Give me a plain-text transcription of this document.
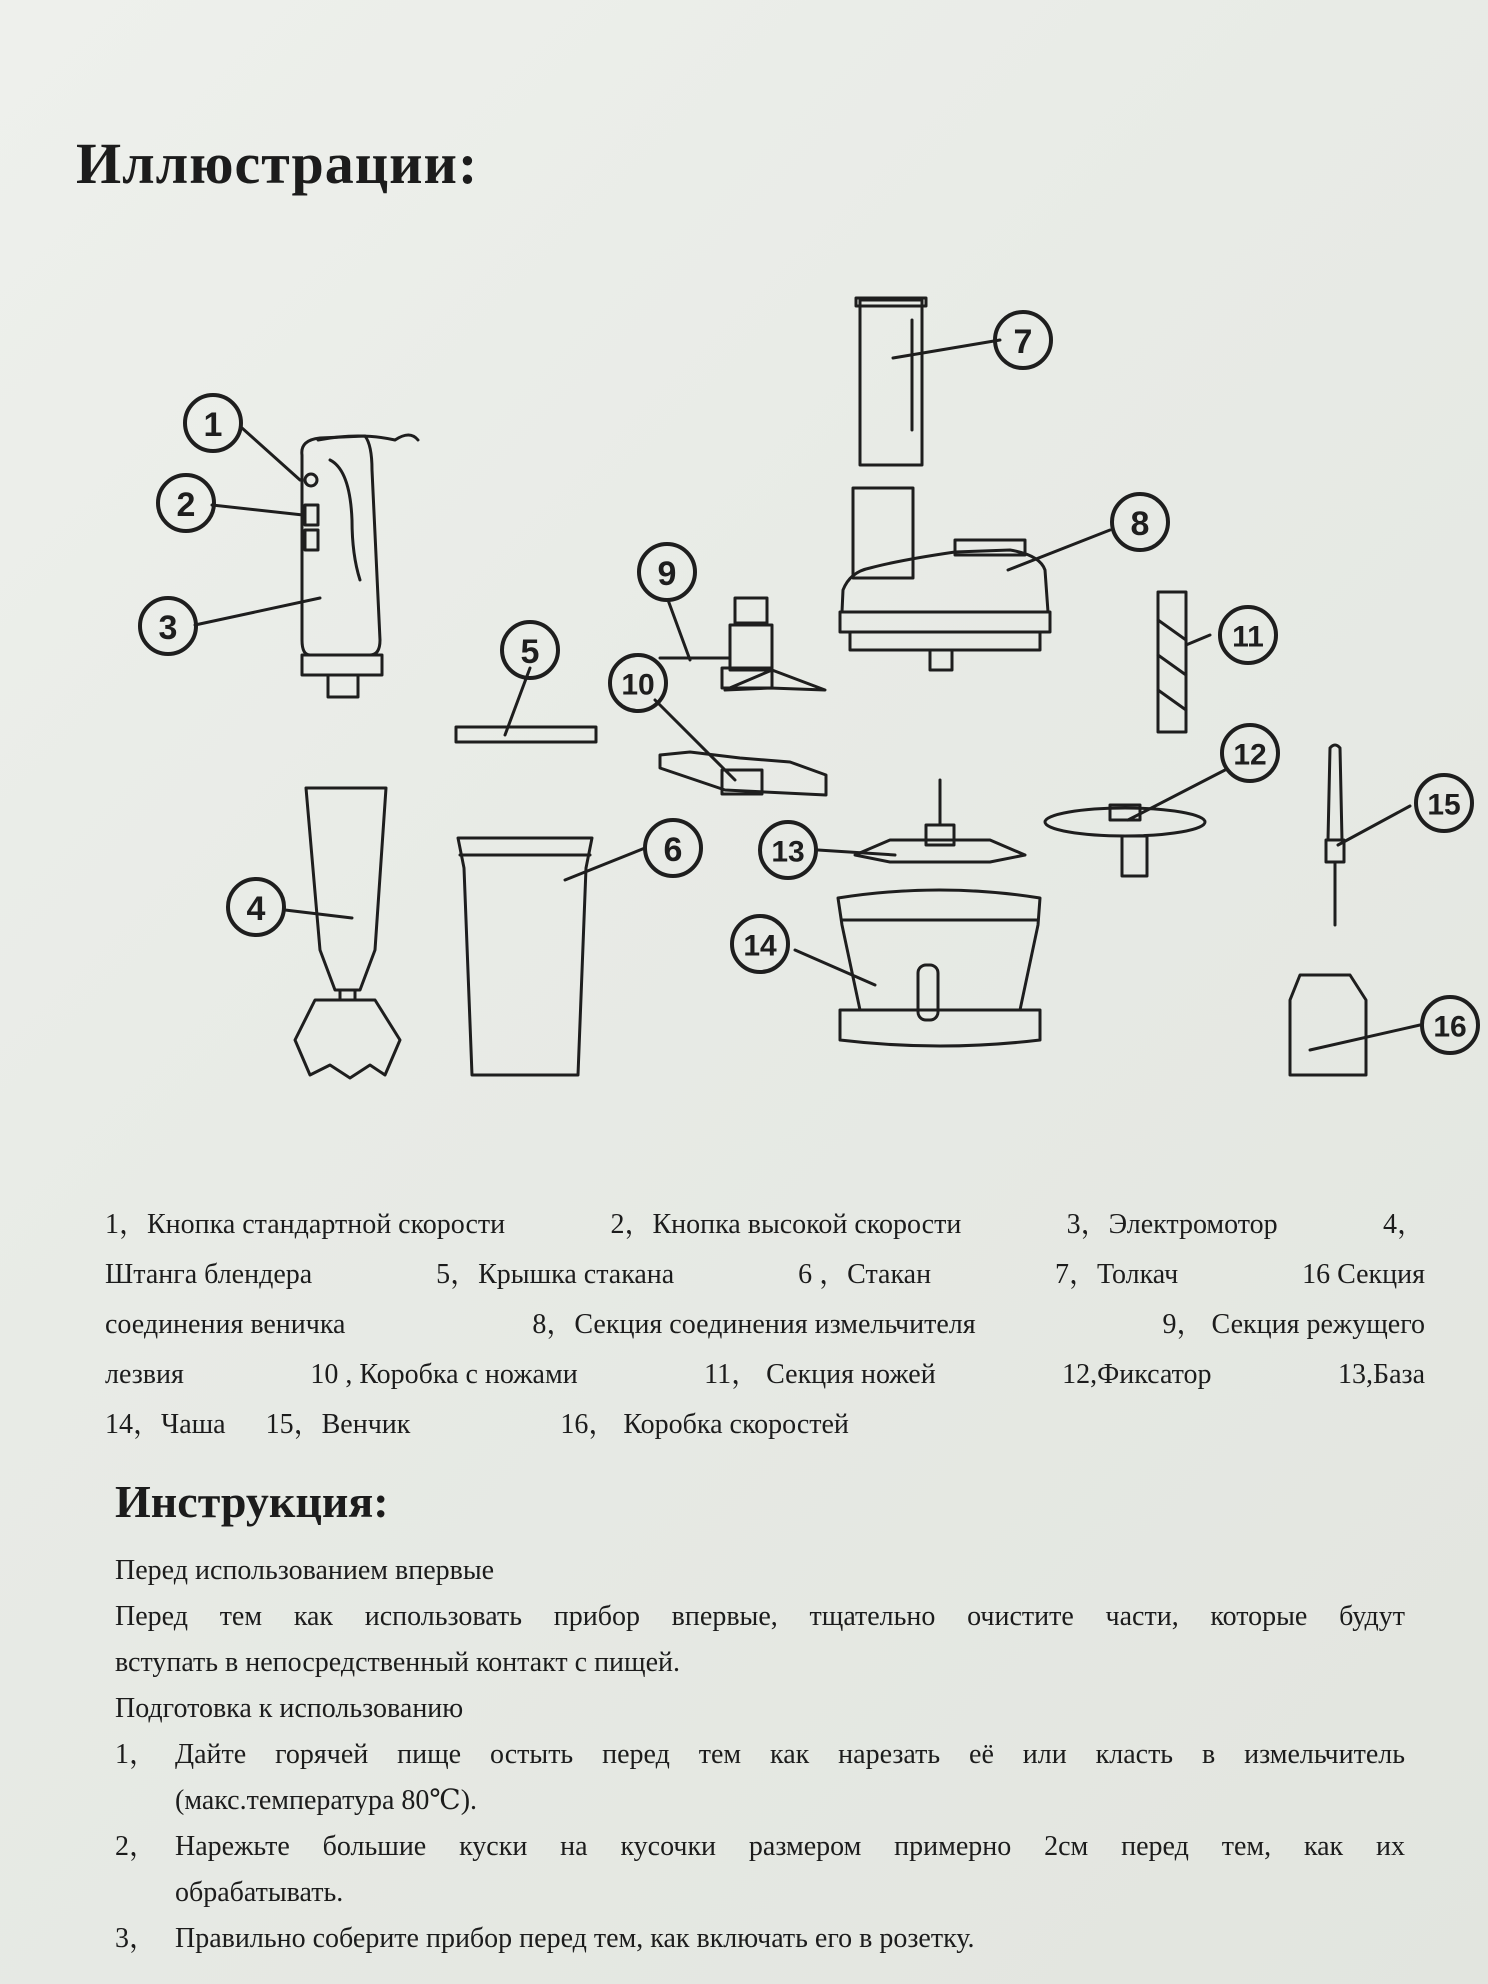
Иллюстрации:
1
2
3
4
5
6
7
8
9
10
11
12
13
14
15
16
1，Кнопка стандартной скорости	2，Кнопка высокой скорости	3，Электромотор	4，
Штанга блендера	5，Крышка стакана	6 ，Стакан	7，Толкач	16 Секция
соединения веничка	8，Секция соединения измельчителя	9， Секция режущего
лезвия	10 , Коробка с ножами	11， Секция ножей	12,Фиксатор	13,База
14，Чаша 15，Венчик	16， Коробка скоростей
Инструкция:

Перед использованием впервые

Перед тем как использовать прибор впервые, тщательно очистите части, которые будут

вступать в непосредственный контакт с пищей.

Подготовка к использованию

1， Дайте горячей пище остыть перед тем как нарезать её или класть в измельчитель
(макс.температура 80℃).
2， Нарежьте большие куски на кусочки размером примерно 2см перед тем, как их
обрабатывать.
3， Правильно соберите прибор перед тем, как включать его в розетку.
